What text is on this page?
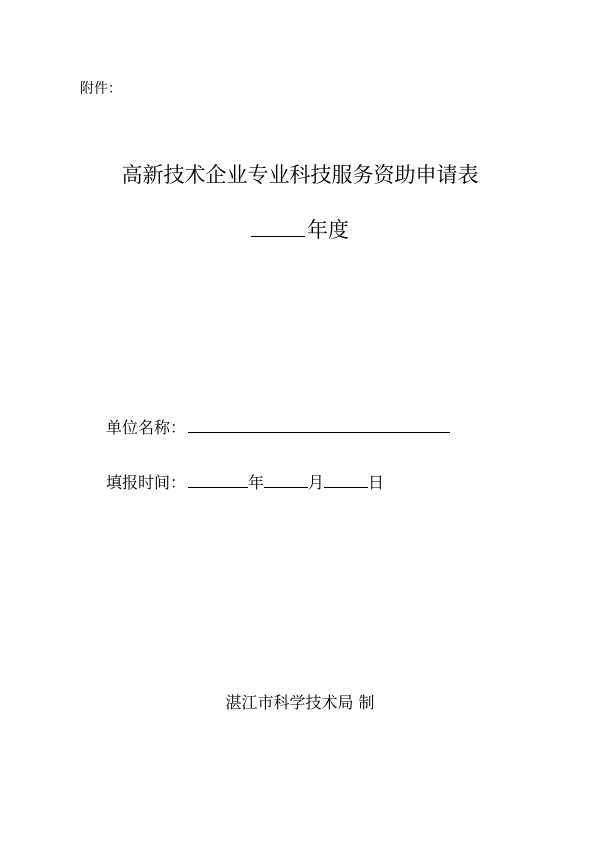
附件：
高新技术企业专业科技服务资助申请表
年度
单位名称：
填报时间：	年	月	日
湛江市科学技术局 制
